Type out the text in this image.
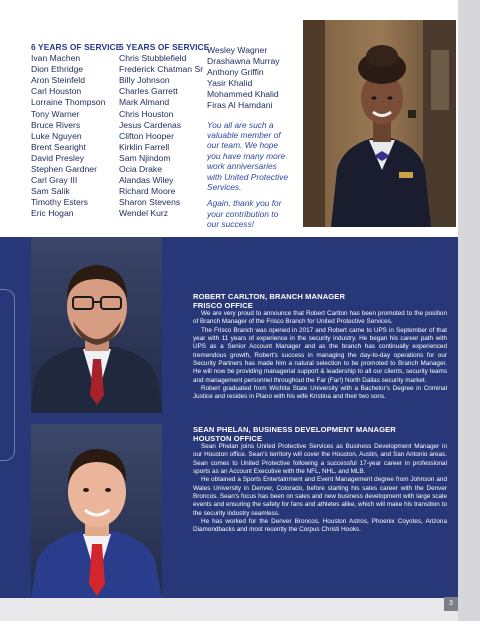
6 YEARS OF SERVICE
Ivan Machen
Dion Ethridge
Aron Steinfeld
Carl Houston
Lorraine Thompson
Tony Warner
Bruce Rivers
Luke Nguyen
Brent Searight
David Presley
Stephen Gardner
Carl Gray III
Sam Salik
Timothy Esters
Eric Hogan
5 YEARS OF SERVICE
Chris Stubblefield
Frederick Chatman Sr
Billy Johnson
Charles Garrett
Mark Almand
Chris Houston
Jesus Cardenas
Clifton Hooper
Kirklin Farrell
Sam Njindom
Ocia Drake
Alandas Wiley
Richard Moore
Sharon Stevens
Wendel Kurz
Wesley Wagner
Drashawna Murray
Anthony Griffin
Yasir Khalid
Mohammed Khalid
Firas Al Hamdani
You all are such a
valuable member of
our team. We hope
you have many more
work anniversaries
with United Protective
Services.
Again, thank you for
your contribution to
our success!
ROBERT CARLTON, BRANCH MANAGER
FRISCO OFFICE

We are very proud to announce that Robert Carlton has been promoted to the position of Branch Manager of the Frisco Branch for United Protective Services.

The Frisco Branch was opened in 2017 and Robert came to UPS in September of that year with 11 years of experience in the security industry. He began his career path with UPS as a Senior Account Manager and as the branch has continually experienced tremendous growth, Robert's success in managing the day-to-day operations for our Security Partners has made him a natural selection to be promoted to Branch Manager. He will now be providing managerial support & leadership to all our clients, security teams and management personnel throughout the Far (Far!) North Dallas security market.

Robert graduated from Wichita State University with a Bachelor's Degree in Criminal Justice and resides in Plano with his wife Kristina and their two sons.

SEAN PHELAN, BUSINESS DEVELOPMENT MANAGER
HOUSTON OFFICE

Sean Phelan joins United Protective Services as Business Development Manager in our Houston office. Sean's territory will cover the Houston, Austin, and San Antonio areas. Sean comes to United Protective following a successful 17-year career in professional sports as an Account Executive with the NFL, NHL, and MLB.

He obtained a Sports Entertainment and Event Management degree from Johnson and Wales University in Denver, Colorado, before starting his sales career with the Denver Broncos. Sean's focus has been on sales and new business development with large scale events and ensuring the safety for fans and athletes alike, which will make his transition to the security industry seamless.

He has worked for the Denver Broncos, Houston Astros, Phoenix Coyotes, Arizona Diamondbacks and most recently the Corpus Christi Hooks.

3
